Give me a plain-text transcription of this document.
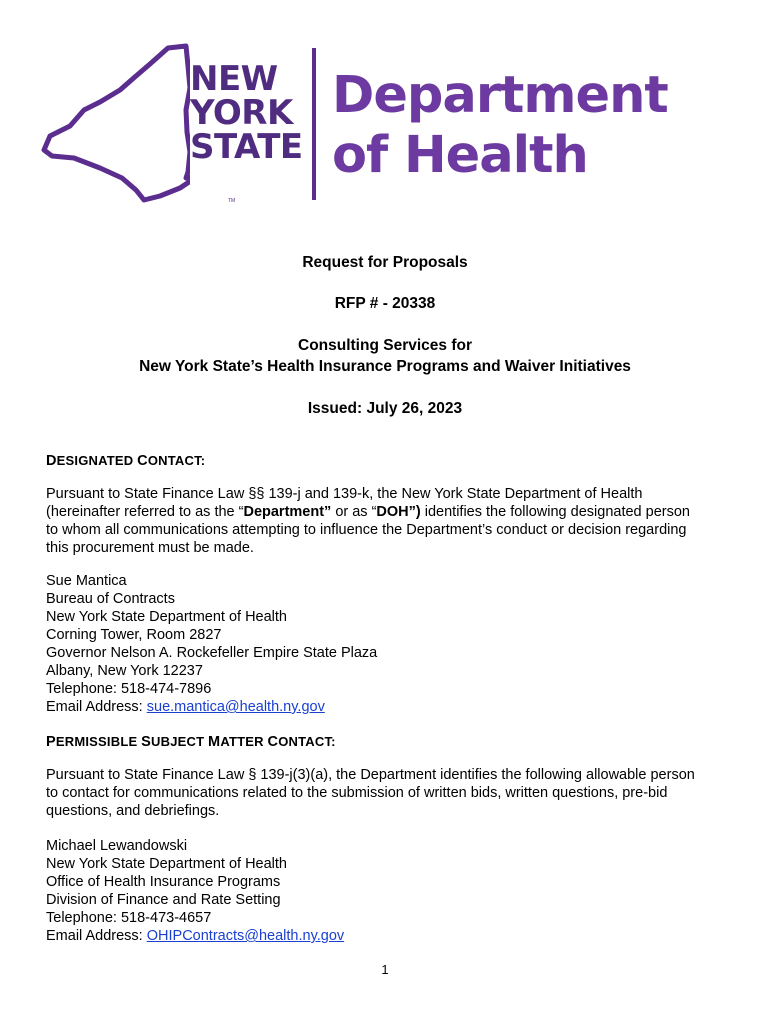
NEW
YORK
STATE
Department
of Health
TM
Request for Proposals
RFP # - 20338
Consulting Services for
New York State’s Health Insurance Programs and Waiver Initiatives
Issued: July 26, 2023
DESIGNATED CONTACT:
Pursuant to State Finance Law §§ 139-j and 139-k, the New York State Department of Health
(hereinafter referred to as the “Department” or as “DOH”) identifies the following designated person
to whom all communications attempting to influence the Department’s conduct or decision regarding
this procurement must be made.
Sue Mantica
Bureau of Contracts
New York State Department of Health
Corning Tower, Room 2827
Governor Nelson A. Rockefeller Empire State Plaza
Albany, New York 12237
Telephone: 518-474-7896
Email Address: sue.mantica@health.ny.gov
PERMISSIBLE SUBJECT MATTER CONTACT:
Pursuant to State Finance Law § 139-j(3)(a), the Department identifies the following allowable person
to contact for communications related to the submission of written bids, written questions, pre-bid
questions, and debriefings.
Michael Lewandowski
New York State Department of Health
Office of Health Insurance Programs
Division of Finance and Rate Setting
Telephone: 518-473-4657
Email Address: OHIPContracts@health.ny.gov
1
